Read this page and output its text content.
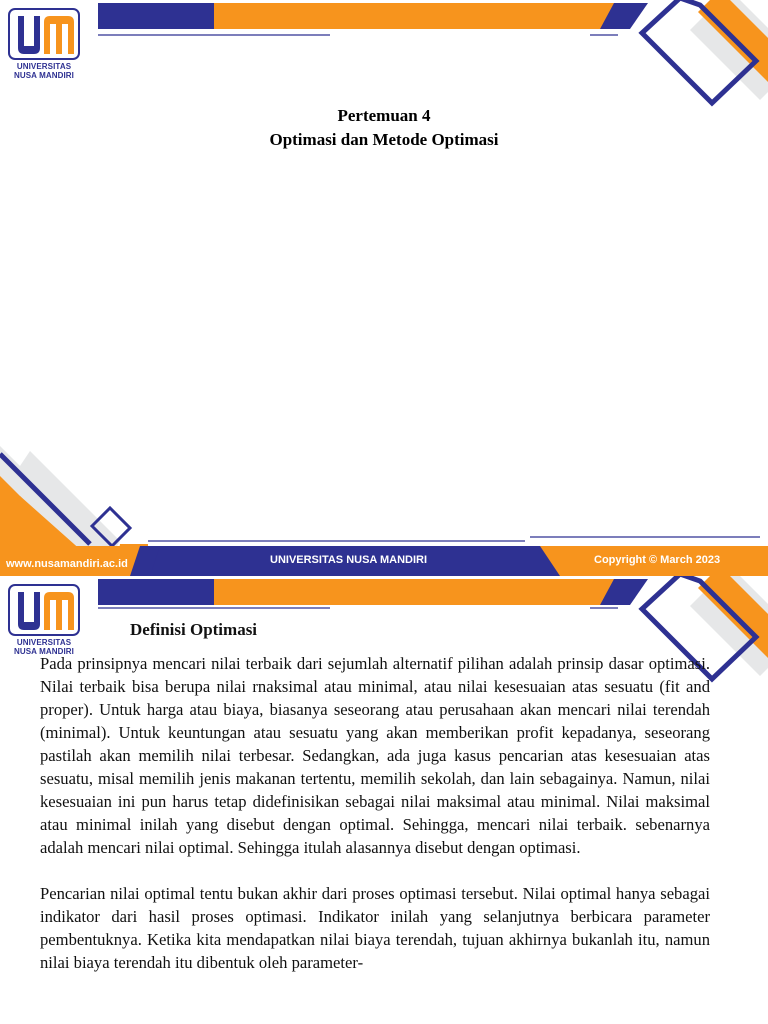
UNIVERSITAS
NUSA MANDIRI
Pertemuan 4
Optimasi dan Metode Optimasi
www.nusamandiri.ac.id	UNIVERSITAS NUSA MANDIRI	Copyright © March 2023
UNIVERSITAS
NUSA MANDIRI
Definisi Optimasi

Pada prinsipnya mencari nilai terbaik dari sejumlah alternatif pilihan adalah prinsip dasar optimasi. Nilai terbaik bisa berupa nilai rnaksimal atau minimal, atau nilai kesesuaian atas sesuatu (fit and proper). Untuk harga atau biaya, biasanya seseorang atau perusahaan akan mencari nilai terendah (minimal). Untuk keuntungan atau sesuatu yang akan memberikan profit kepadanya, seseorang pastilah akan memilih nilai terbesar. Sedangkan, ada juga kasus pencarian atas kesesuaian atas sesuatu, misal memilih jenis makanan tertentu, memilih sekolah, dan lain sebagainya. Namun, nilai kesesuaian ini pun harus tetap didefinisikan sebagai nilai maksimal atau minimal. Nilai maksimal atau minimal inilah yang disebut dengan optimal. Sehingga, mencari nilai terbaik. sebenarnya adalah mencari nilai optimal. Sehingga itulah alasannya disebut dengan optimasi.

Pencarian nilai optimal tentu bukan akhir dari proses optimasi tersebut. Nilai optimal hanya sebagai indikator dari hasil proses optimasi. Indikator inilah yang selanjutnya berbicara parameter pembentuknya. Ketika kita mendapatkan nilai biaya terendah, tujuan akhirnya bukanlah itu, namun nilai biaya terendah itu dibentuk oleh parameter-
